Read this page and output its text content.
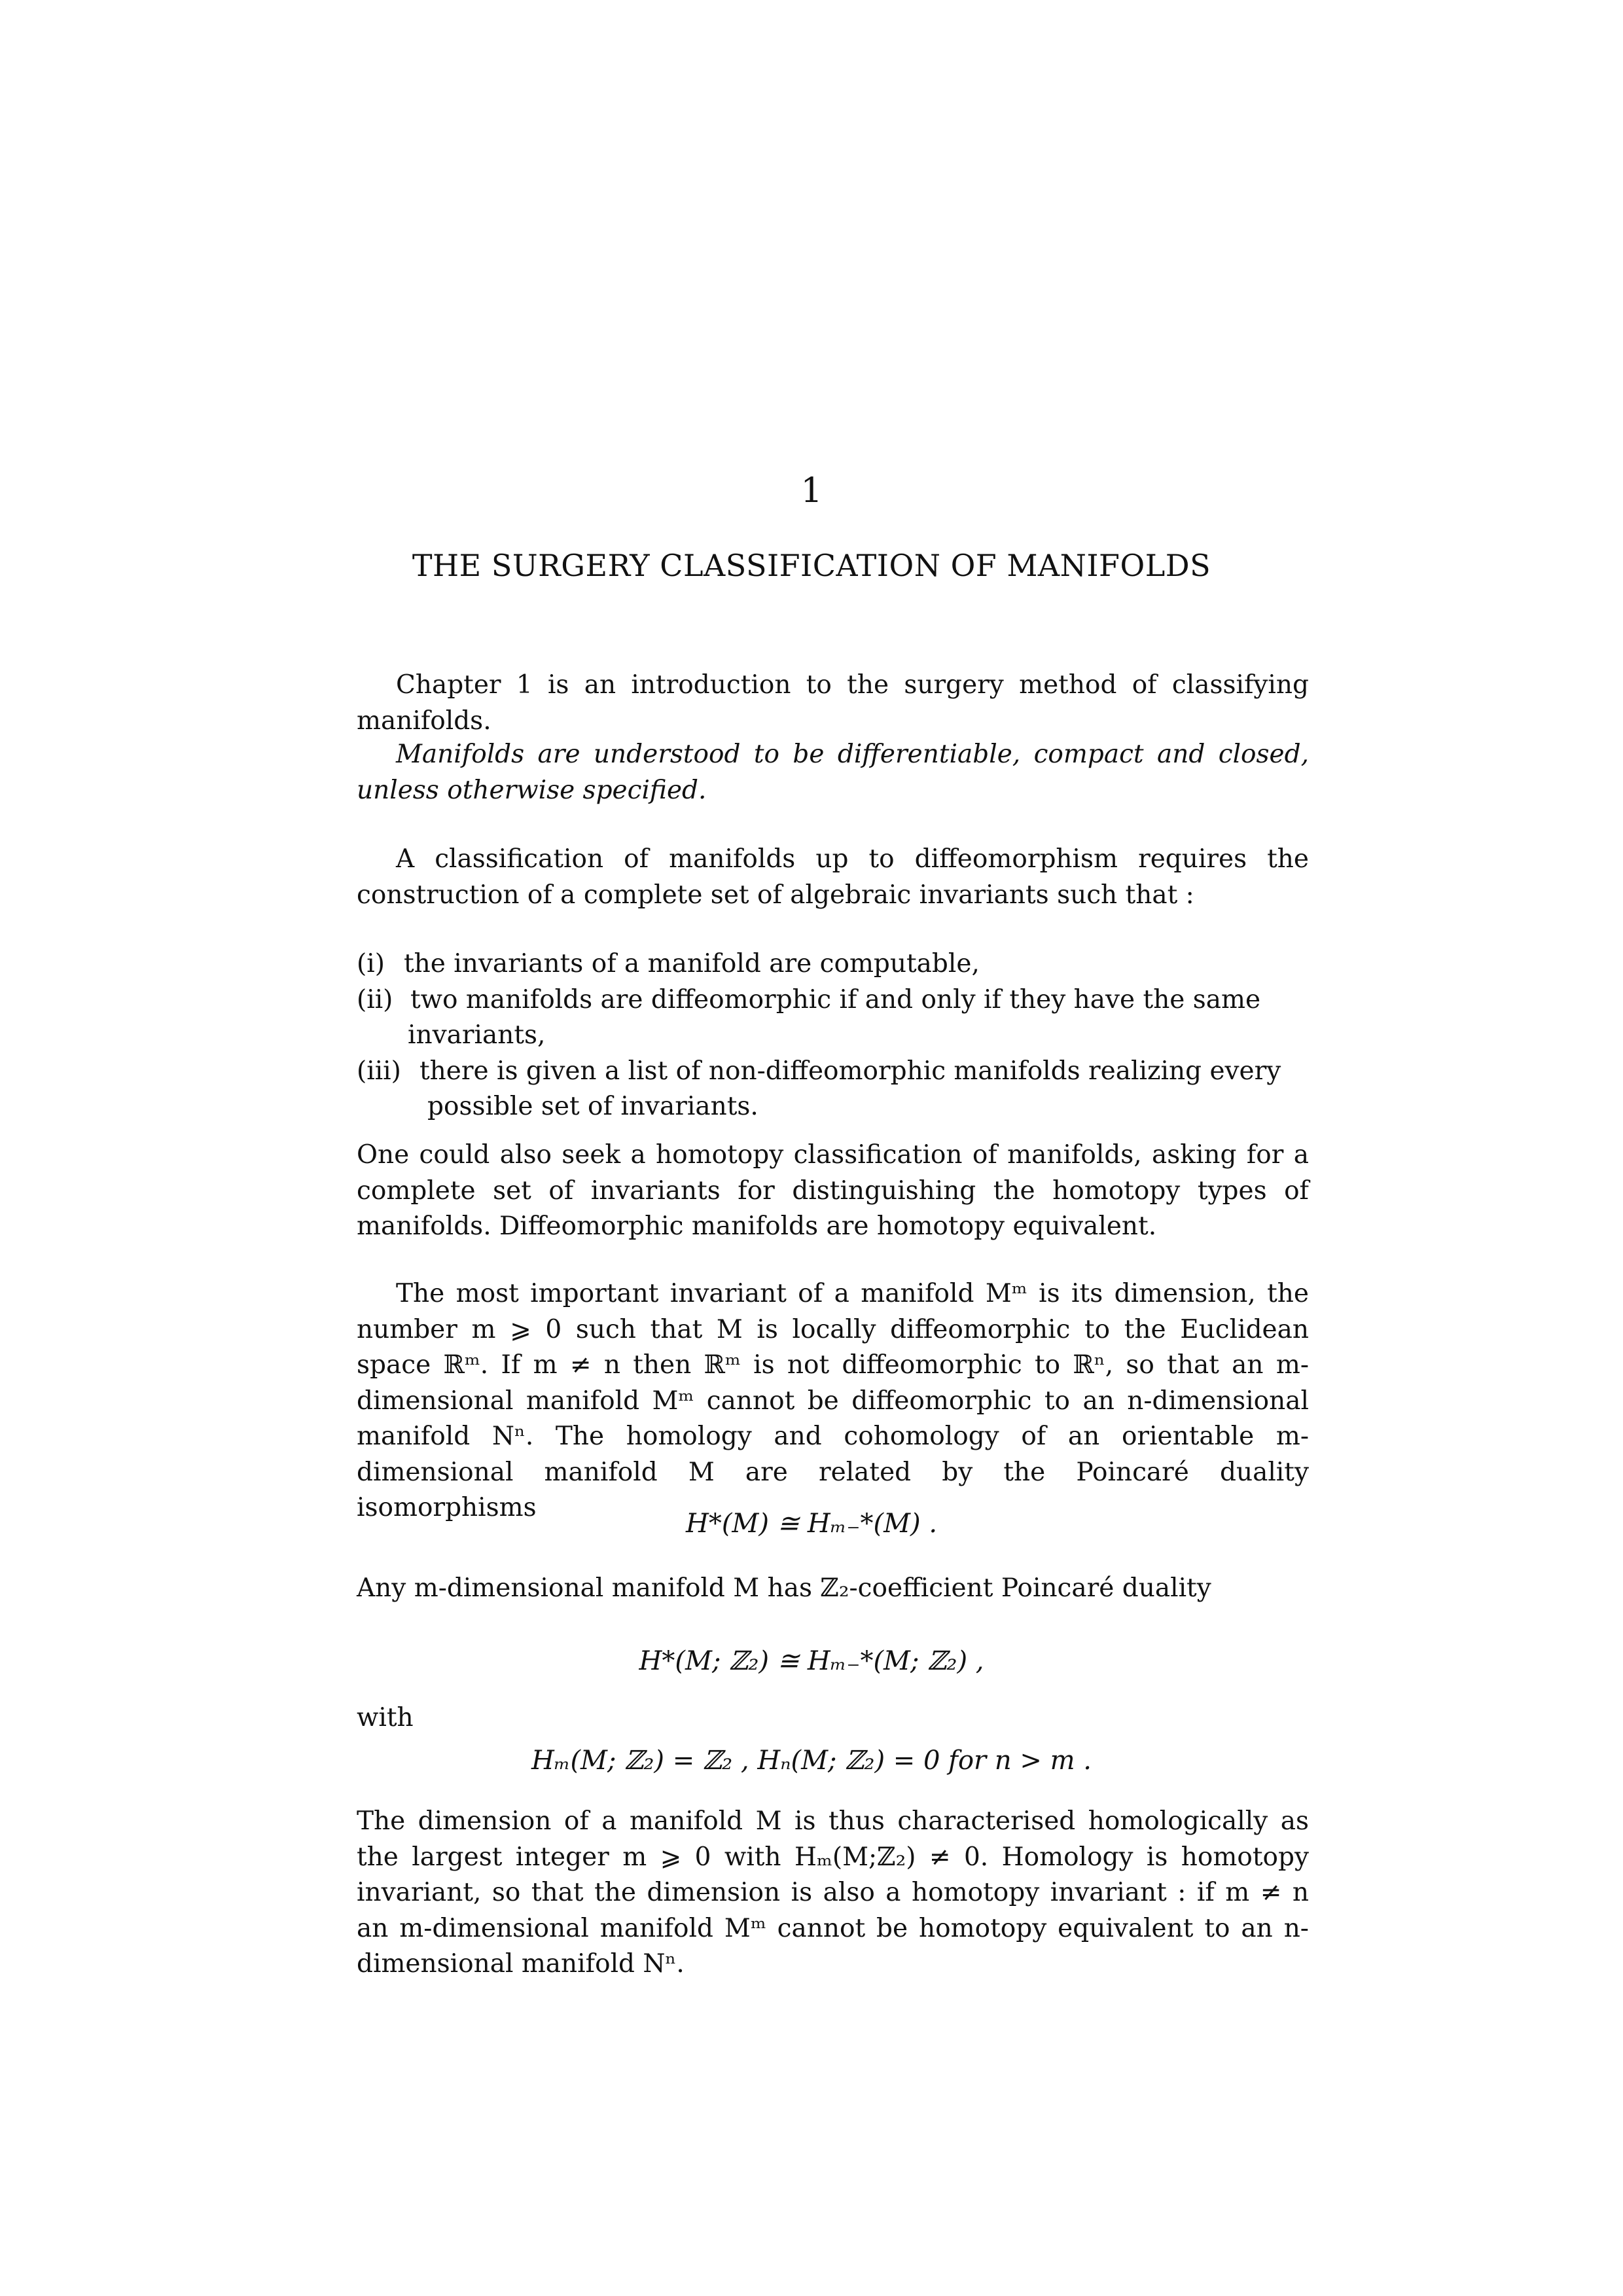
1

THE SURGERY CLASSIFICATION OF MANIFOLDS

Chapter 1 is an introduction to the surgery method of classifying manifolds.

Manifolds are understood to be differentiable, compact and closed, unless otherwise specified.

A classification of manifolds up to diffeomorphism requires the construction of a complete set of algebraic invariants such that :

(i) the invariants of a manifold are computable,
(ii) two manifolds are diffeomorphic if and only if they have the same invariants,
(iii) there is given a list of non-diffeomorphic manifolds realizing every possible set of invariants.

One could also seek a homotopy classification of manifolds, asking for a complete set of invariants for distinguishing the homotopy types of manifolds. Diffeomorphic manifolds are homotopy equivalent.

The most important invariant of a manifold Mᵐ is its dimension, the number m ⩾ 0 such that M is locally diffeomorphic to the Euclidean space ℝᵐ. If m ≠ n then ℝᵐ is not diffeomorphic to ℝⁿ, so that an m-dimensional manifold Mᵐ cannot be diffeomorphic to an n-dimensional manifold Nⁿ. The homology and cohomology of an orientable m-dimensional manifold M are related by the Poincaré duality isomorphisms

H*(M) ≅ Hₘ₋*(M) .

Any m-dimensional manifold M has ℤ₂-coefficient Poincaré duality

H*(M; ℤ₂) ≅ Hₘ₋*(M; ℤ₂) ,

with

Hₘ(M; ℤ₂) = ℤ₂ , Hₙ(M; ℤ₂) = 0 for n > m .

The dimension of a manifold M is thus characterised homologically as the largest integer m ⩾ 0 with Hₘ(M;ℤ₂) ≠ 0. Homology is homotopy invariant, so that the dimension is also a homotopy invariant : if m ≠ n an m-dimensional manifold Mᵐ cannot be homotopy equivalent to an n-dimensional manifold Nⁿ.
